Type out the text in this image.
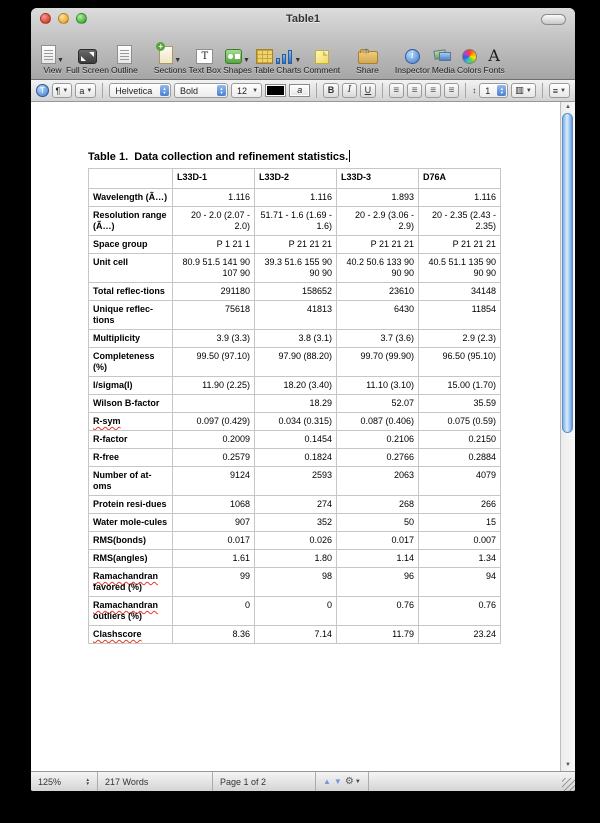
Table1
▼
View Full Screen Outline
+
▼
Sections
T
Text Box
▼
Shapes Table
▼
Charts Comment
↑ Share
i
Inspector Media Colors
A
Fonts
T	¶ ▼ a ▼	Helvetica	▲
▼ Bold	▲
▼ 12 ▼	a	B	I	U	≡	≡	≡	≡	↕ 1 ▲
▼ ▥ ▼ ≡ ▼
Table 1.  Data collection and refinement statistics.
	L33D-1	L33D-2	L33D-3	D76A
Wavelength (Ã…)	1.116	1.116	1.893	1.116
Resolution range (Ã…)	20 - 2.0 (2.07 - 2.0)	51.71 - 1.6 (1.69 - 1.6)	20 - 2.9 (3.06 - 2.9)	20 - 2.35 (2.43 - 2.35)
Space group	P 1 21 1	P 21 21 21	P 21 21 21	P 21 21 21
Unit cell	80.9 51.5 141 90 107 90	39.3 51.6 155 90 90 90	40.2 50.6 133 90 90 90	40.5 51.1 135 90 90 90
Total reflec-tions	291180	158652	23610	34148
Unique reflec-tions	75618	41813	6430	11854
Multiplicity	3.9 (3.3)	3.8 (3.1)	3.7 (3.6)	2.9 (2.3)
Completeness (%)	99.50 (97.10)	97.90 (88.20)	99.70 (99.90)	96.50 (95.10)
I/sigma(I)	11.90 (2.25)	18.20 (3.40)	11.10 (3.10)	15.00 (1.70)
Wilson B-factor		18.29	52.07	35.59
R-sym	0.097 (0.429)	0.034 (0.315)	0.087 (0.406)	0.075 (0.59)
R-factor	0.2009	0.1454	0.2106	0.2150
R-free	0.2579	0.1824	0.2766	0.2884
Number of at-oms	9124	2593	2063	4079
Protein resi-dues	1068	274	268	266
Water mole-cules	907	352	50	15
RMS(bonds)	0.017	0.026	0.017	0.007
RMS(angles)	1.61	1.80	1.14	1.34
Ramachandran favored (%)	99	98	96	94
Ramachandran outliers (%)	0	0	0.76	0.76
Clashscore	8.36	7.14	11.79	23.24
▲
▼
125%	▲
▼	217 Words	Page 1 of 2	▲ ▼ ⚙ ▼
